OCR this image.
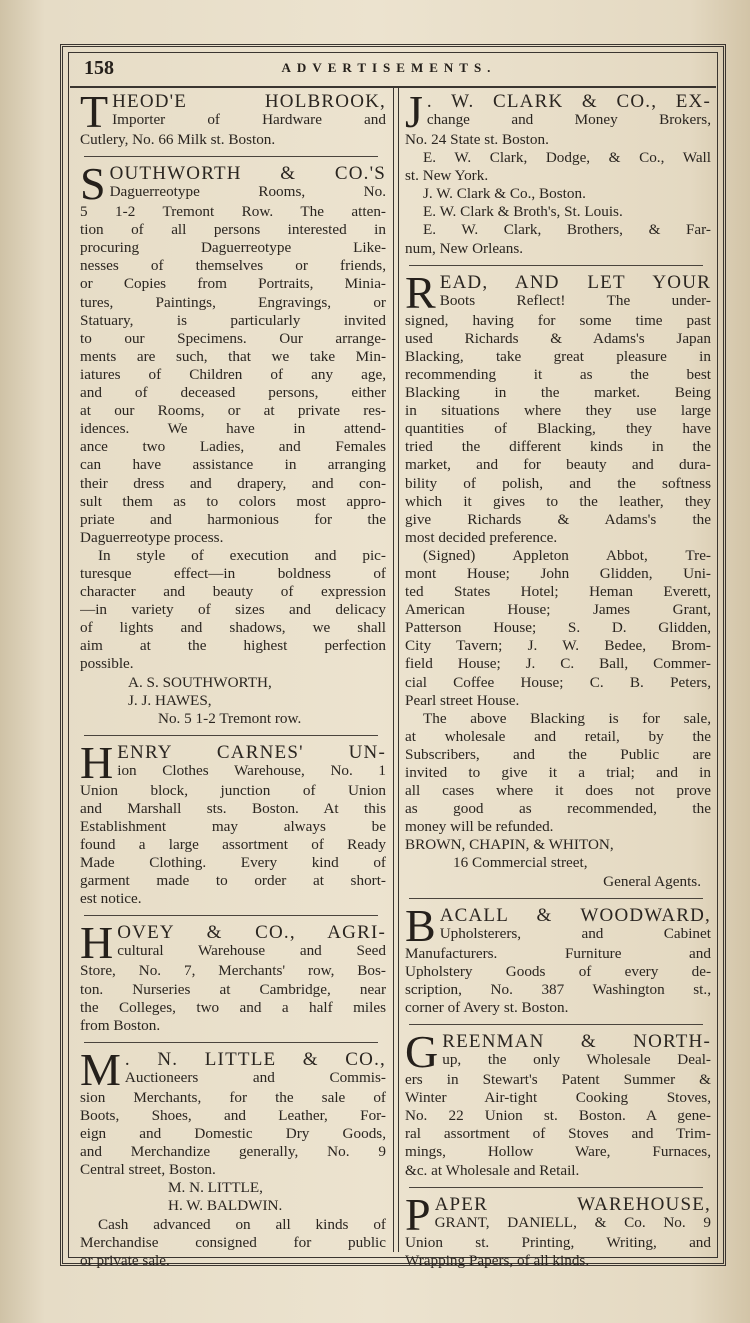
158	ADVERTISEMENTS.
T HEOD'E HOLBROOK,
Importer of Hardware and
Cutlery, No. 66 Milk st. Boston.
S OUTHWORTH & CO.'S
Daguerreotype Rooms, No.
5 1-2 Tremont Row. The atten-
tion of all persons interested in
procuring Daguerreotype Like-
nesses of themselves or friends,
or Copies from Portraits, Minia-
tures, Paintings, Engravings, or
Statuary, is particularly invited
to our Specimens. Our arrange-
ments are such, that we take Min-
iatures of Children of any age,
and of deceased persons, either
at our Rooms, or at private res-
idences. We have in attend-
ance two Ladies, and Females
can have assistance in arranging
their dress and drapery, and con-
sult them as to colors most appro-
priate and harmonious for the
Daguerreotype process.
In style of execution and pic-
turesque effect—in boldness of
character and beauty of expression
—in variety of sizes and delicacy
of lights and shadows, we shall
aim at the highest perfection
possible.
A. S. SOUTHWORTH,
J. J. HAWES,
No. 5 1-2 Tremont row.
H ENRY CARNES' UN-
ion Clothes Warehouse, No. 1
Union block, junction of Union
and Marshall sts. Boston. At this
Establishment may always be
found a large assortment of Ready
Made Clothing. Every kind of
garment made to order at short-
est notice.
H OVEY & CO., AGRI-
cultural Warehouse and Seed
Store, No. 7, Merchants' row, Bos-
ton. Nurseries at Cambridge, near
the Colleges, two and a half miles
from Boston.
M . N. LITTLE & CO.,
Auctioneers and Commis-
sion Merchants, for the sale of
Boots, Shoes, and Leather, For-
eign and Domestic Dry Goods,
and Merchandize generally, No. 9
Central street, Boston.
M. N. LITTLE,
H. W. BALDWIN.
Cash advanced on all kinds of
Merchandise consigned for public
or private sale.
J . W. CLARK & CO., EX-
change and Money Brokers,
No. 24 State st. Boston.
E. W. Clark, Dodge, & Co., Wall
st. New York.
J. W. Clark & Co., Boston.
E. W. Clark & Broth's, St. Louis.
E. W. Clark, Brothers, & Far-
num, New Orleans.
R EAD, AND LET YOUR
Boots Reflect! The under-
signed, having for some time past
used Richards & Adams's Japan
Blacking, take great pleasure in
recommending it as the best
Blacking in the market. Being
in situations where they use large
quantities of Blacking, they have
tried the different kinds in the
market, and for beauty and dura-
bility of polish, and the softness
which it gives to the leather, they
give Richards & Adams's the
most decided preference.
(Signed) Appleton Abbot, Tre-
mont House; John Glidden, Uni-
ted States Hotel; Heman Everett,
American House; James Grant,
Patterson House; S. D. Glidden,
City Tavern; J. W. Bedee, Brom-
field House; J. C. Ball, Commer-
cial Coffee House; C. B. Peters,
Pearl street House.
The above Blacking is for sale,
at wholesale and retail, by the
Subscribers, and the Public are
invited to give it a trial; and in
all cases where it does not prove
as good as recommended, the
money will be refunded.
BROWN, CHAPIN, & WHITON,
16 Commercial street,
General Agents.
B ACALL & WOODWARD,
Upholsterers, and Cabinet
Manufacturers. Furniture and
Upholstery Goods of every de-
scription, No. 387 Washington st.,
corner of Avery st. Boston.
G REENMAN & NORTH-
up, the only Wholesale Deal-
ers in Stewart's Patent Summer &
Winter Air-tight Cooking Stoves,
No. 22 Union st. Boston. A gene-
ral assortment of Stoves and Trim-
mings, Hollow Ware, Furnaces,
&c. at Wholesale and Retail.
P APER WAREHOUSE,
GRANT, DANIELL, & Co. No. 9
Union st. Printing, Writing, and
Wrapping Papers, of all kinds.
